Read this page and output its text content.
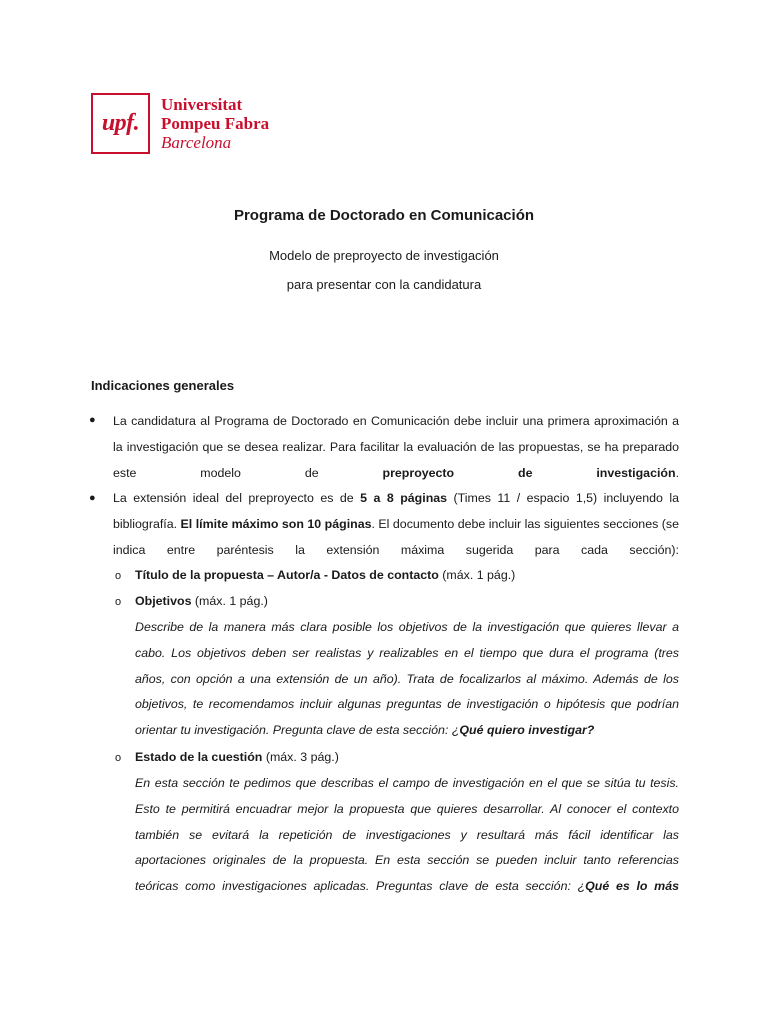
upf.
Universitat
Pompeu Fabra
Barcelona
Programa de Doctorado en Comunicación
Modelo de preproyecto de investigación
para presentar con la candidatura
Indicaciones generales
● La candidatura al Programa de Doctorado en Comunicación debe incluir una primera aproximación a
la investigación que se desea realizar. Para facilitar la evaluación de las propuestas, se ha preparado
este modelo de preproyecto de investigación.
● La extensión ideal del preproyecto es de 5 a 8 páginas (Times 11 / espacio 1,5) incluyendo la
bibliografía. El límite máximo son 10 páginas. El documento debe incluir las siguientes secciones (se
indica entre paréntesis la extensión máxima sugerida para cada sección):
o Título de la propuesta – Autor/a - Datos de contacto (máx. 1 pág.)
o Objetivos (máx. 1 pág.)
Describe de la manera más clara posible los objetivos de la investigación que quieres llevar a
cabo. Los objetivos deben ser realistas y realizables en el tiempo que dura el programa (tres
años, con opción a una extensión de un año). Trata de focalizarlos al máximo. Además de los
objetivos, te recomendamos incluir algunas preguntas de investigación o hipótesis que podrían
orientar tu investigación. Pregunta clave de esta sección: ¿Qué quiero investigar?
o Estado de la cuestión (máx. 3 pág.)
En esta sección te pedimos que describas el campo de investigación en el que se sitúa tu tesis.
Esto te permitirá encuadrar mejor la propuesta que quieres desarrollar. Al conocer el contexto
también se evitará la repetición de investigaciones y resultará más fácil identificar las
aportaciones originales de la propuesta. En esta sección se pueden incluir tanto referencias
teóricas como investigaciones aplicadas. Preguntas clave de esta sección: ¿Qué es lo más
